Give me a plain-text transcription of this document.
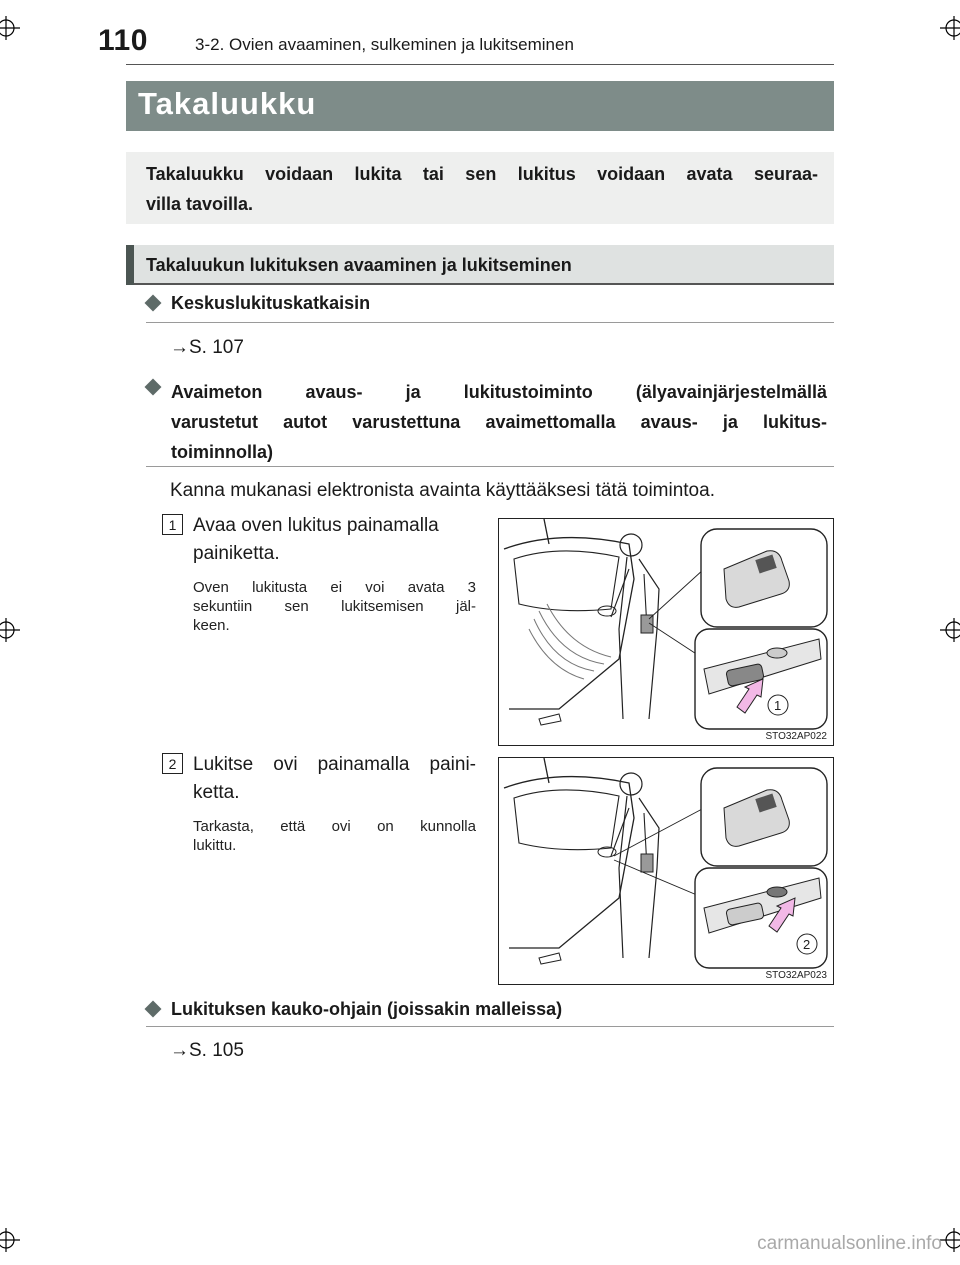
110	3-2. Ovien avaaminen, sulkeminen ja lukitseminen
Takaluukku
Takaluukku voidaan lukita tai sen lukitus voidaan avata seuraa-
villa tavoilla.
Takaluukun lukituksen avaaminen ja lukitseminen
Keskuslukituskatkaisin
→S. 107
Avaimeton avaus- ja lukitustoiminto (älyavainjärjestelmällä
varustetut autot varustettuna avaimettomalla avaus- ja lukitus-
toiminnolla)
Kanna mukanasi elektronista avainta käyttääksesi tätä toimintoa.
1 Avaa oven lukitus painamalla
painiketta.
Oven lukitusta ei voi avata 3
sekuntiin sen lukitsemisen jäl-
keen.
1
STO32AP022
2 Lukitse ovi painamalla paini-
ketta.
Tarkasta, että ovi on kunnolla
lukittu.
2
STO32AP023
Lukituksen kauko-ohjain (joissakin malleissa)
→S. 105
carmanualsonline.info
